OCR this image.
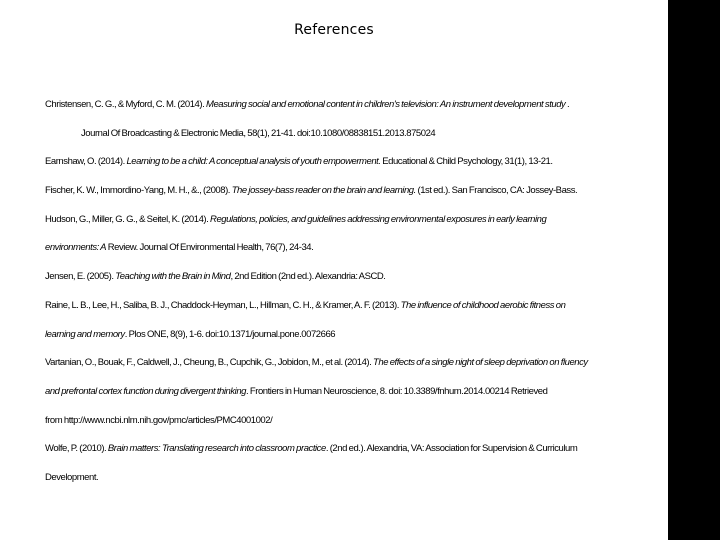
References
Christensen, C. G., & Myford, C. M. (2014). Measuring social and emotional content in children's television: An instrument development study .
Journal Of Broadcasting & Electronic Media, 58(1), 21-41. doi:10.1080/08838151.2013.875024
Earnshaw, O. (2014). Learning to be a child: A conceptual analysis of youth empowerment. Educational & Child Psychology, 31(1), 13-21.
Fischer, K. W., Immordino-Yang, M. H., &., (2008). The jossey-bass reader on the brain and learning. (1st ed.). San Francisco, CA: Jossey-Bass.
Hudson, G., Miller, G. G., & Seitel, K. (2014). Regulations, policies, and guidelines addressing environmental exposures in early learning
environments: A Review. Journal Of Environmental Health, 76(7), 24-34.
Jensen, E. (2005). Teaching with the Brain in Mind, 2nd Edition (2nd ed.). Alexandria: ASCD.
Raine, L. B., Lee, H., Saliba, B. J., Chaddock-Heyman, L., Hillman, C. H., & Kramer, A. F. (2013). The influence of childhood aerobic fitness on
learning and memory. Plos ONE, 8(9), 1-6. doi:10.1371/journal.pone.0072666
Vartanian, O., Bouak, F., Caldwell, J., Cheung, B., Cupchik, G., Jobidon, M., et al. (2014). The effects of a single night of sleep deprivation on fluency
and prefrontal cortex function during divergent thinking. Frontiers in Human Neuroscience, 8. doi: 10.3389/fnhum.2014.00214 Retrieved
from http://www.ncbi.nlm.nih.gov/pmc/articles/PMC4001002/
Wolfe, P. (2010). Brain matters: Translating research into classroom practice. (2nd ed.). Alexandria, VA: Association for Supervision & Curriculum
Development.
